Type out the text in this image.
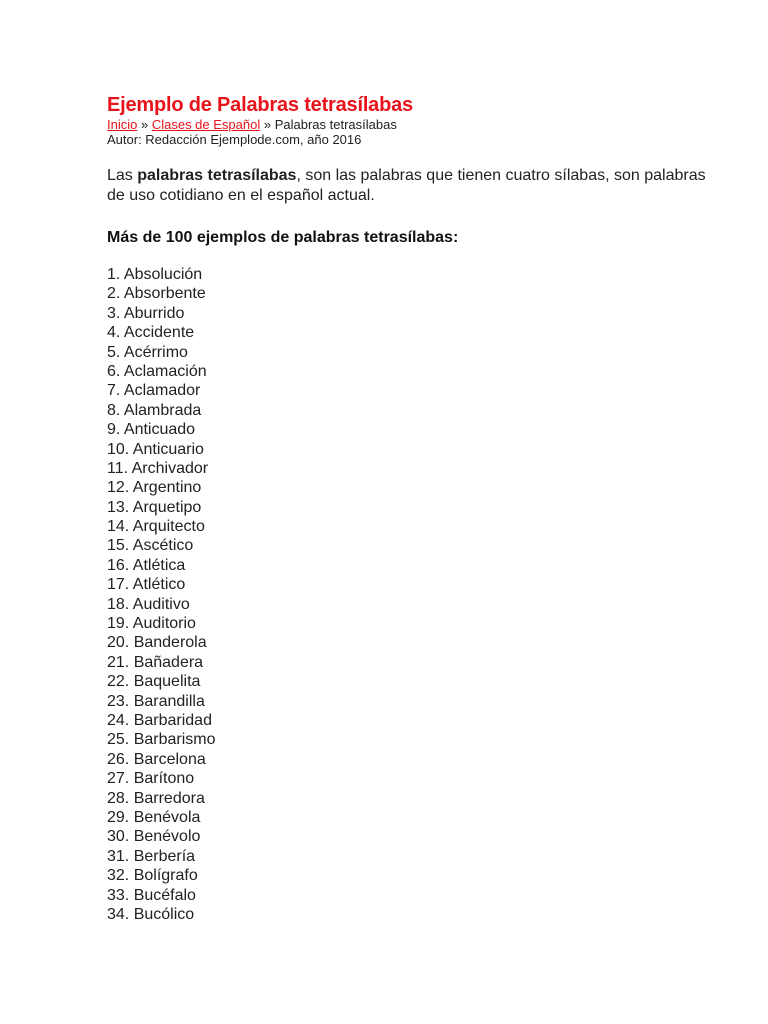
Ejemplo de Palabras tetrasílabas
Inicio » Clases de Español » Palabras tetrasílabas
Autor: Redacción Ejemplode.com, año 2016

Las palabras tetrasílabas, son las palabras que tienen cuatro sílabas, son palabras de uso cotidiano en el español actual.

Más de 100 ejemplos de palabras tetrasílabas:

1. Absolución
2. Absorbente
3. Aburrido
4. Accidente
5. Acérrimo
6. Aclamación
7. Aclamador
8. Alambrada
9. Anticuado
10. Anticuario
11. Archivador
12. Argentino
13. Arquetipo
14. Arquitecto
15. Ascético
16. Atlética
17. Atlético
18. Auditivo
19. Auditorio
20. Banderola
21. Bañadera
22. Baquelita
23. Barandilla
24. Barbaridad
25. Barbarismo
26. Barcelona
27. Barítono
28. Barredora
29. Benévola
30. Benévolo
31. Berbería
32. Bolígrafo
33. Bucéfalo
34. Bucólico
